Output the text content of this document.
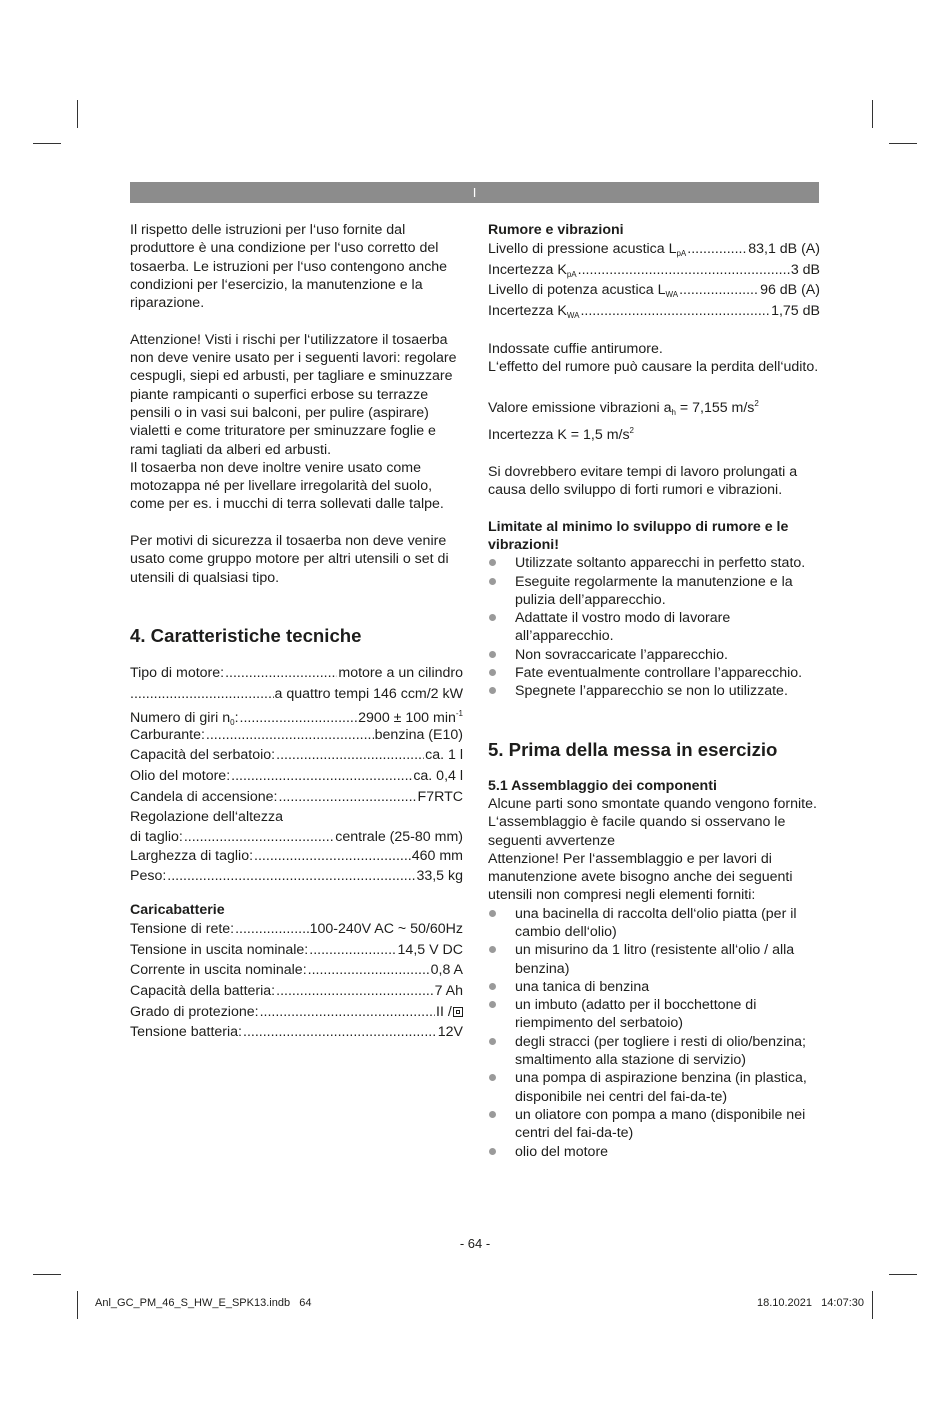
I

Il rispetto delle istruzioni per l‘uso fornite dal produttore è una condizione per l‘uso corretto del tosaerba. Le istruzioni per l‘uso contengono anche condizioni per l‘esercizio, la manutenzione e la riparazione.

Attenzione! Visti i rischi per l‘utilizzatore il tosaerba non deve venire usato per i seguenti lavori: regolare cespugli, siepi ed arbusti, per tagliare e sminuzzare piante rampicanti o superfici erbose su terrazze pensili o in vasi sui balconi, per pulire (aspirare) vialetti e come trituratore per sminuzzare foglie e rami tagliati da alberi ed arbusti.

Il tosaerba non deve inoltre venire usato come motozappa né per livellare irregolarità del suolo, come per es. i mucchi di terra sollevati dalle talpe.

Per motivi di sicurezza il tosaerba non deve venire usato come gruppo motore per altri utensili o set di utensili di qualsiasi tipo.

4. Caratteristiche tecniche
Tipo di motore: .....	motore a un cilindro
.....
a quattro tempi 146 ccm/2 kW
Numero di giri $n_0$: .....	2900 ± 100 $\min^{-1}$
Carburante: .....	benzina (E10)
Capacità del serbatoio: .....	ca. 1 l
Olio del motore: .....	ca. 0,4 l
Candela di accensione: .....	F7RTC
Regolazione dell‘altezza
di taglio: .....	centrale (25-80 mm)
Larghezza di taglio: .....	460 mm
Peso: .....	33,5 kg

Caricabatterie

Tensione di rete: .....	100-240V AC ~ 50/60Hz
Tensione in uscita nominale: .....	14,5 V DC
Corrente in uscita nominale: .....	0,8 A
Capacità della batteria: .....	7 Ah
Grado di protezione: .....	II / 
Tensione batteria: .....	12V

Rumore e vibrazioni

Livello di pressione acustica $L_{pA}$ .....	83,1 dB (A)
Incertezza $K_{pA}$ .....	3 dB
Livello di potenza acustica $L_{WA}$ .....	96 dB (A)
Incertezza $K_{WA}$ .....	1,75 dB

Indossate cuffie antirumore.

L‘effetto del rumore può causare la perdita dell‘udito.

Valore emissione vibrazioni $a_h = 7,155$ $m/s^2$

Incertezza K = 1,5 $m/s^2$

Si dovrebbero evitare tempi di lavoro prolungati a causa dello sviluppo di forti rumori e vibrazioni.

Limitate al minimo lo sviluppo di rumore e le vibrazioni!

Utilizzate soltanto apparecchi in perfetto stato.
Eseguite regolarmente la manutenzione e la pulizia dell’apparecchio.
Adattate il vostro modo di lavorare all’apparecchio.
Non sovraccaricate l’apparecchio.
Fate eventualmente controllare l’apparecchio.
Spegnete l’apparecchio se non lo utilizzate.
5. Prima della messa in esercizio

5.1 Assemblaggio dei componenti

Alcune parti sono smontate quando vengono fornite. L‘assemblaggio è facile quando si osservano le seguenti avvertenze

Attenzione! Per l‘assemblaggio e per lavori di manutenzione avete bisogno anche dei seguenti utensili non compresi negli elementi forniti:

una bacinella di raccolta dell‘olio piatta (per il cambio dell‘olio)
un misurino da 1 litro (resistente all‘olio / alla benzina)
una tanica di benzina
un imbuto (adatto per il bocchettone di riempimento del serbatoio)
degli stracci (per togliere i resti di olio/benzina; smaltimento alla stazione di servizio)
una pompa di aspirazione benzina (in plastica, disponibile nei centri del fai-da-te)
un oliatore con pompa a mano (disponibile nei centri del fai-da-te)
olio del motore
- 64 -
Anl_GC_PM_46_S_HW_E_SPK13.indb   64	18.10.2021   14:07:30
